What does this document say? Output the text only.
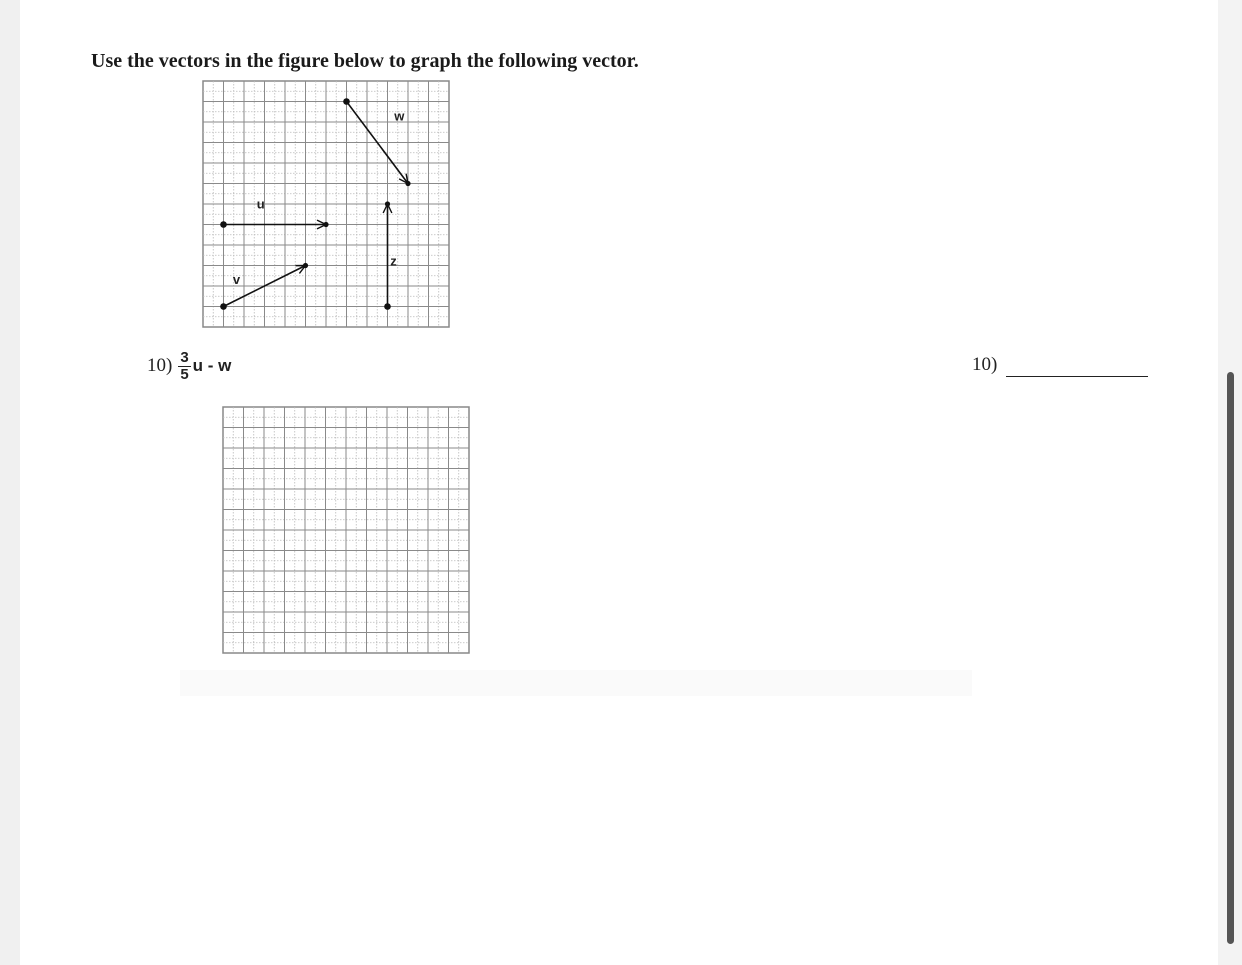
Use the vectors in the figure below to graph the following vector.
u
v
w
z
$10) \frac{3}{5}$ u - w	10)
